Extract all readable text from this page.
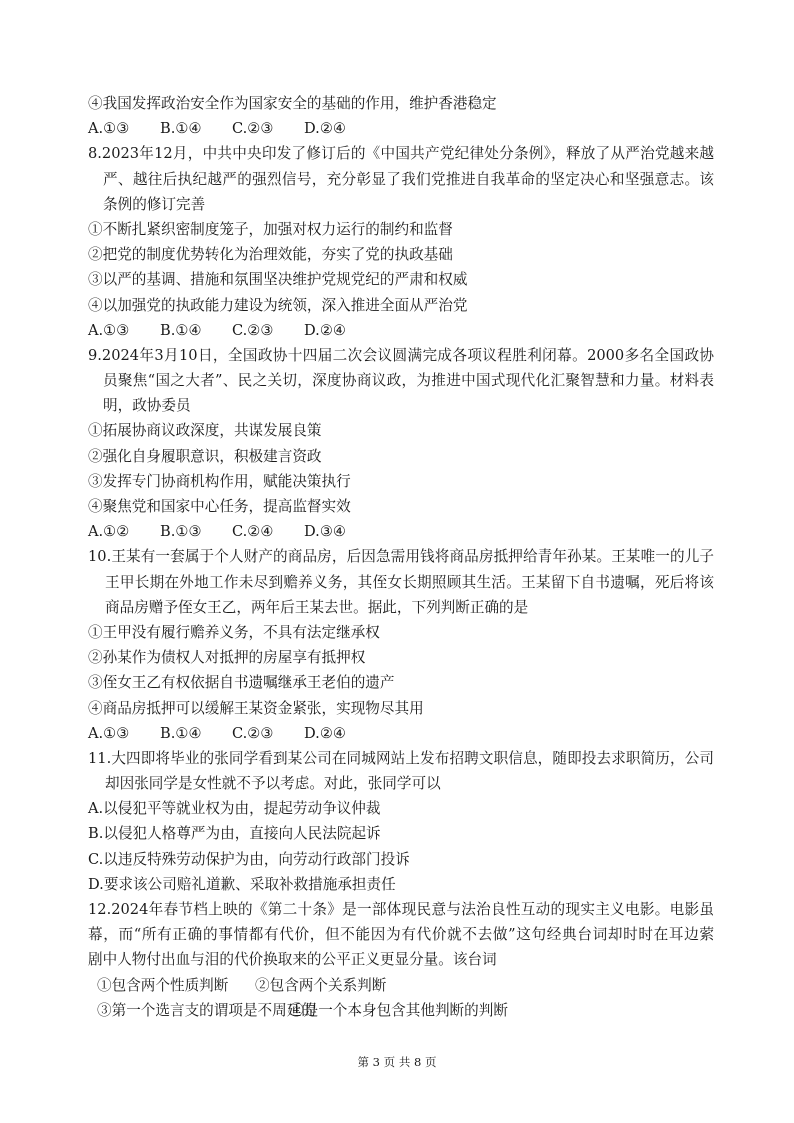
④我国发挥政治安全作为国家安全的基础的作用，维护香港稳定
A.①③ B.①④ C.②③ D.②④
8.2023年12月，中共中央印发了修订后的《中国共产党纪律处分条例》，释放了从严治党越来越
严、越往后执纪越严的强烈信号，充分彰显了我们党推进自我革命的坚定决心和坚强意志。该
条例的修订完善
①不断扎紧织密制度笼子，加强对权力运行的制约和监督
②把党的制度优势转化为治理效能，夯实了党的执政基础
③以严的基调、措施和氛围坚决维护党规党纪的严肃和权威
④以加强党的执政能力建设为统领，深入推进全面从严治党
A.①③ B.①④ C.②③ D.②④
9.2024年3月10日，全国政协十四届二次会议圆满完成各项议程胜利闭幕。2000多名全国政协
员聚焦“国之大者”、民之关切，深度协商议政，为推进中国式现代化汇聚智慧和力量。材料表
明，政协委员
①拓展协商议政深度，共谋发展良策
②强化自身履职意识，积极建言资政
③发挥专门协商机构作用，赋能决策执行
④聚焦党和国家中心任务，提高监督实效
A.①② B.①③ C.②④ D.③④
10.王某有一套属于个人财产的商品房，后因急需用钱将商品房抵押给青年孙某。王某唯一的儿子
王甲长期在外地工作未尽到赡养义务，其侄女长期照顾其生活。王某留下自书遗嘱，死后将该
商品房赠予侄女王乙，两年后王某去世。据此，下列判断正确的是
①王甲没有履行赡养义务，不具有法定继承权
②孙某作为债权人对抵押的房屋享有抵押权
③侄女王乙有权依据自书遗嘱继承王老伯的遗产
④商品房抵押可以缓解王某资金紧张，实现物尽其用
A.①③ B.①④ C.②③ D.②④
11.大四即将毕业的张同学看到某公司在同城网站上发布招聘文职信息，随即投去求职简历，公司
却因张同学是女性就不予以考虑。对此，张同学可以
A.以侵犯平等就业权为由，提起劳动争议仲裁
B.以侵犯人格尊严为由，直接向人民法院起诉
C.以违反特殊劳动保护为由，向劳动行政部门投诉
D.要求该公司赔礼道歉、采取补救措施承担责任
12.2024年春节档上映的《第二十条》是一部体现民意与法治良性互动的现实主义电影。电影虽
幕，而“所有正确的事情都有代价，但不能因为有代价就不去做”这句经典台词却时时在耳边萦
剧中人物付出血与泪的代价换取来的公平正义更显分量。该台词
①包含两个性质判断 ②包含两个关系判断
③第一个选言支的谓项是不周延的④是一个本身包含其他判断的判断
第 3 页 共 8 页
